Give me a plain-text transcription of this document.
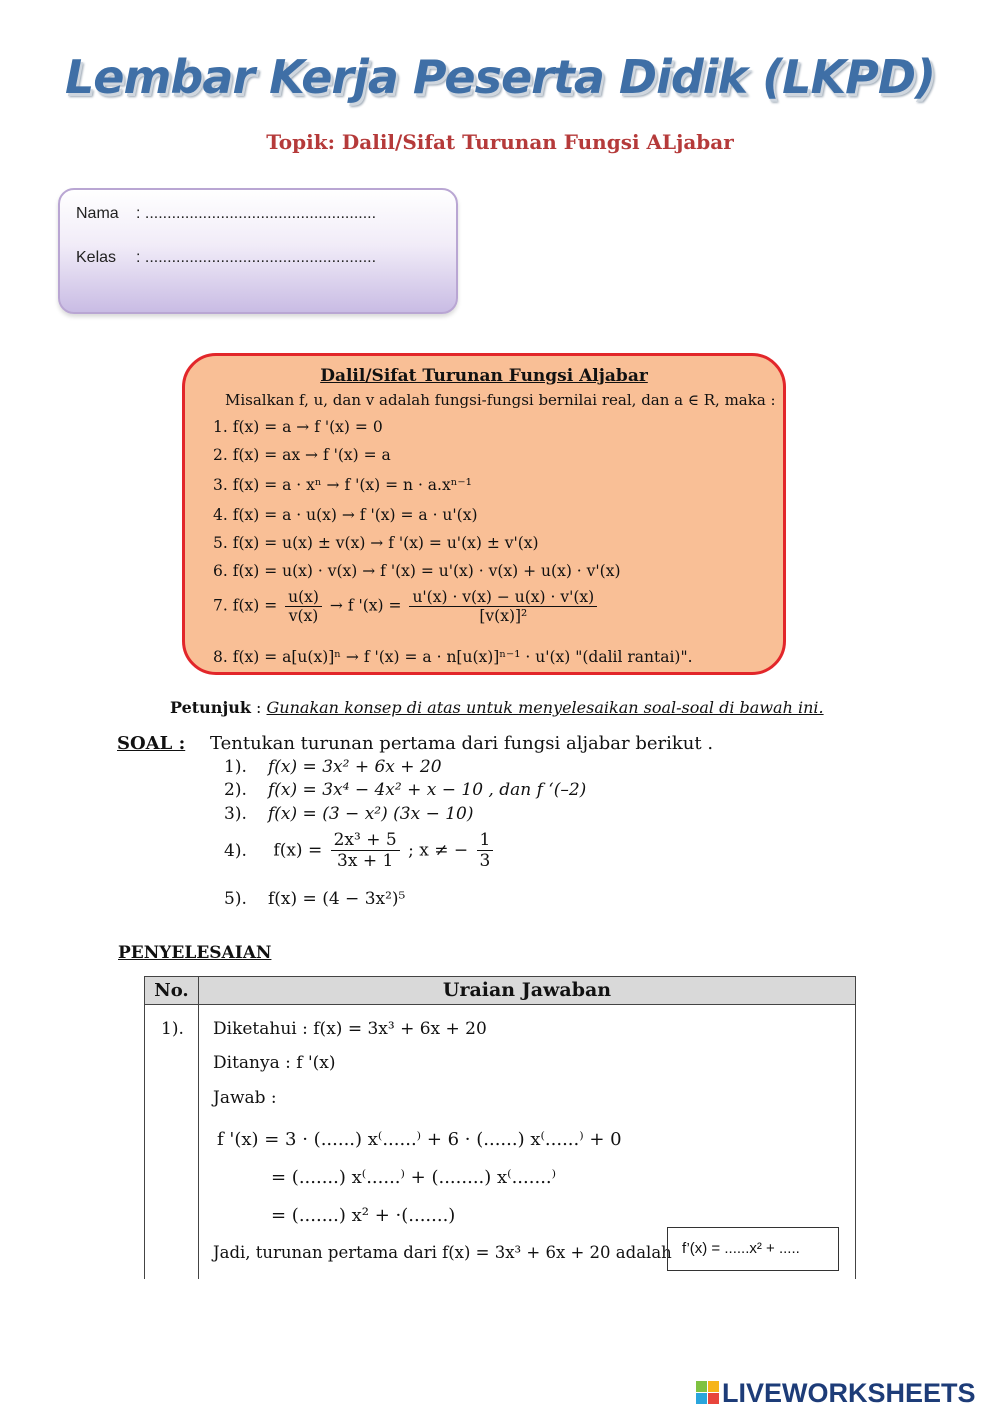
Lembar Kerja Peserta Didik (LKPD)
Topik: Dalil/Sifat Turunan Fungsi ALjabar
Nama : ....................................................
Kelas : ....................................................
Dalil/Sifat Turunan Fungsi Aljabar
Misalkan f, u, dan v adalah fungsi-fungsi bernilai real, dan a ∈ R, maka :
1. f(x) = a → f '(x) = 0
2. f(x) = ax → f '(x) = a
3. f(x) = a · xⁿ → f '(x) = n · a.xⁿ⁻¹
4. f(x) = a · u(x) → f '(x) = a · u'(x)
5. f(x) = u(x) ± v(x) → f '(x) = u'(x) ± v'(x)
6. f(x) = u(x) · v(x) → f '(x) = u'(x) · v(x) + u(x) · v'(x)
7. $f(x) = \frac{u(x)}{v(x)} \to f$ '$(x) = \frac{u'(x) \cdot v(x) - u(x) \cdot v'(x)}{\text{[v(x)]²}}$
8. f(x) = a[u(x)]ⁿ → f '(x) = a · n[u(x)]ⁿ⁻¹ · u'(x) "(dalil rantai)".
Petunjuk : Gunakan konsep di atas untuk menyelesaikan soal-soal di bawah ini.
SOAL : Tentukan turunan pertama dari fungsi aljabar berikut .
1). f(x) = 3x² + 6x + 20
2). f(x) = 3x⁴ − 4x² + x − 10 , dan f ‘(–2)
3). f(x) = (3 − x²) (3x − 10)
4). $f(x) = \frac{\text{2x³ + 5}}{3x + 1}$ ; x ≠ − $\frac{1}{3}$
5). f(x) = (4 − 3x²)⁵
PENYELESAIAN
No.	Uraian Jawaban
1). Diketahui : f(x) = 3x³ + 6x + 20
Ditanya : f '(x)
Jawab :
f '(x) = 3 · (......) x⁽......⁾ + 6 · (......) x⁽......⁾ + 0
= (.......) x⁽......⁾ + (........) x⁽.......⁾
= (.......) x² + ·(.......)
Jadi, turunan pertama dari f(x) = 3x³ + 6x + 20 adalah f’(x) = ......x² + .....
LIVEWORKSHEETS
